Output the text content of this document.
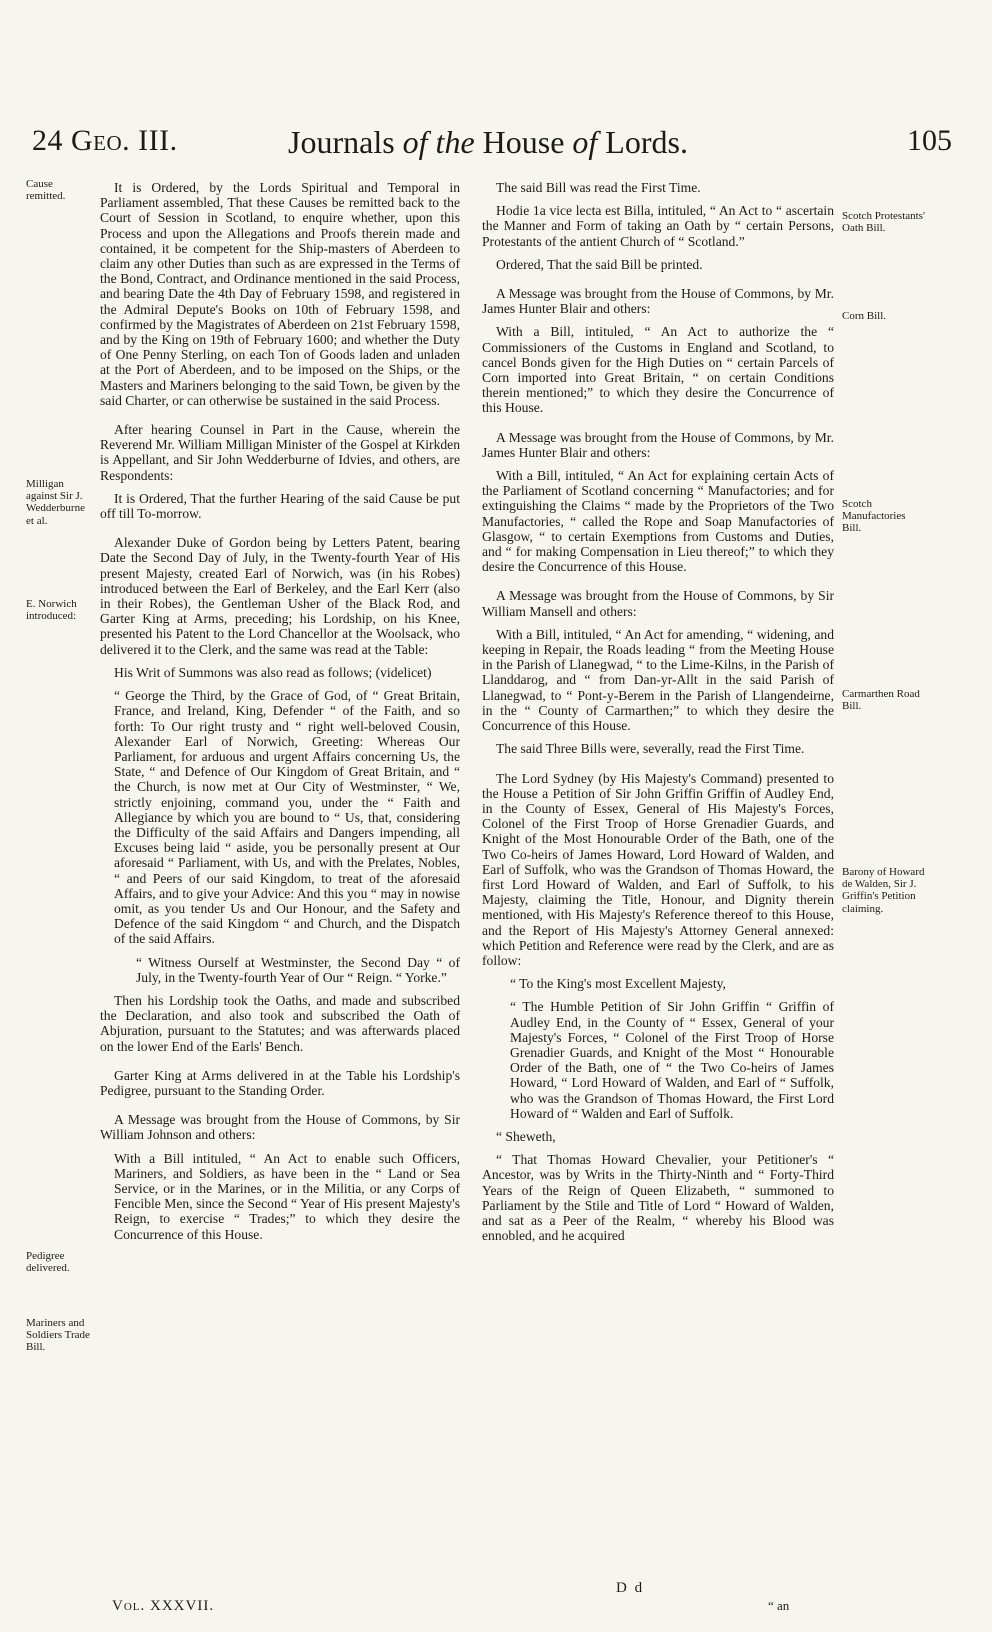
24 Geo. III.	Journals of the House of Lords.	105
Cause remitted.
Milligan against Sir J. Wedderburne et al.
E. Norwich introduced:
Pedigree delivered.
Mariners and Soldiers Trade Bill.
Scotch Protestants' Oath Bill.
Corn Bill.
Scotch Manufactories Bill.
Carmarthen Road Bill.
Barony of Howard de Walden, Sir J. Griffin's Petition claiming.

It is Ordered, by the Lords Spiritual and Temporal in Parliament assembled, That these Causes be remitted back to the Court of Session in Scotland, to enquire whether, upon this Process and upon the Allegations and Proofs therein made and contained, it be competent for the Ship-masters of Aberdeen to claim any other Duties than such as are expressed in the Terms of the Bond, Contract, and Ordinance mentioned in the said Process, and bearing Date the 4th Day of February 1598, and registered in the Admiral Depute's Books on 10th of February 1598, and confirmed by the Magistrates of Aberdeen on 21st February 1598, and by the King on 19th of February 1600; and whether the Duty of One Penny Sterling, on each Ton of Goods laden and unladen at the Port of Aberdeen, and to be imposed on the Ships, or the Masters and Mariners belonging to the said Town, be given by the said Charter, or can otherwise be sustained in the said Process.

After hearing Counsel in Part in the Cause, wherein the Reverend Mr. William Milligan Minister of the Gospel at Kirkden is Appellant, and Sir John Wedderburne of Idvies, and others, are Respondents:

It is Ordered, That the further Hearing of the said Cause be put off till To-morrow.

Alexander Duke of Gordon being by Letters Patent, bearing Date the Second Day of July, in the Twenty-fourth Year of His present Majesty, created Earl of Norwich, was (in his Robes) introduced between the Earl of Berkeley, and the Earl Kerr (also in their Robes), the Gentleman Usher of the Black Rod, and Garter King at Arms, preceding; his Lordship, on his Knee, presented his Patent to the Lord Chancellor at the Woolsack, who delivered it to the Clerk, and the same was read at the Table:

His Writ of Summons was also read as follows; (videlicet)

“ George the Third, by the Grace of God, of “ Great Britain, France, and Ireland, King, Defender “ of the Faith, and so forth: To Our right trusty and “ right well-beloved Cousin, Alexander Earl of Norwich, Greeting: Whereas Our Parliament, for arduous and urgent Affairs concerning Us, the State, “ and Defence of Our Kingdom of Great Britain, and “ the Church, is now met at Our City of Westminster, “ We, strictly enjoining, command you, under the “ Faith and Allegiance by which you are bound to “ Us, that, considering the Difficulty of the said Affairs and Dangers impending, all Excuses being laid “ aside, you be personally present at Our aforesaid “ Parliament, with Us, and with the Prelates, Nobles, “ and Peers of our said Kingdom, to treat of the aforesaid Affairs, and to give your Advice: And this you “ may in nowise omit, as you tender Us and Our Honour, and the Safety and Defence of the said Kingdom “ and Church, and the Dispatch of the said Affairs.

“ Witness Ourself at Westminster, the Second Day “ of July, in the Twenty-fourth Year of Our “ Reign. “ Yorke.”

Then his Lordship took the Oaths, and made and subscribed the Declaration, and also took and subscribed the Oath of Abjuration, pursuant to the Statutes; and was afterwards placed on the lower End of the Earls' Bench.

Garter King at Arms delivered in at the Table his Lordship's Pedigree, pursuant to the Standing Order.

A Message was brought from the House of Commons, by Sir William Johnson and others:

With a Bill intituled, “ An Act to enable such Officers, Mariners, and Soldiers, as have been in the “ Land or Sea Service, or in the Marines, or in the Militia, or any Corps of Fencible Men, since the Second “ Year of His present Majesty's Reign, to exercise “ Trades;” to which they desire the Concurrence of this House.

The said Bill was read the First Time.

Hodie 1a vice lecta est Billa, intituled, “ An Act to “ ascertain the Manner and Form of taking an Oath by “ certain Persons, Protestants of the antient Church of “ Scotland.”

Ordered, That the said Bill be printed.

A Message was brought from the House of Commons, by Mr. James Hunter Blair and others:

With a Bill, intituled, “ An Act to authorize the “ Commissioners of the Customs in England and Scotland, to cancel Bonds given for the High Duties on “ certain Parcels of Corn imported into Great Britain, “ on certain Conditions therein mentioned;” to which they desire the Concurrence of this House.

A Message was brought from the House of Commons, by Mr. James Hunter Blair and others:

With a Bill, intituled, “ An Act for explaining certain Acts of the Parliament of Scotland concerning “ Manufactories; and for extinguishing the Claims “ made by the Proprietors of the Two Manufactories, “ called the Rope and Soap Manufactories of Glasgow, “ to certain Exemptions from Customs and Duties, and “ for making Compensation in Lieu thereof;” to which they desire the Concurrence of this House.

A Message was brought from the House of Commons, by Sir William Mansell and others:

With a Bill, intituled, “ An Act for amending, “ widening, and keeping in Repair, the Roads leading “ from the Meeting House in the Parish of Llanegwad, “ to the Lime-Kilns, in the Parish of Llanddarog, and “ from Dan-yr-Allt in the said Parish of Llanegwad, to “ Pont-y-Berem in the Parish of Llangendeirne, in the “ County of Carmarthen;” to which they desire the Concurrence of this House.

The said Three Bills were, severally, read the First Time.

The Lord Sydney (by His Majesty's Command) presented to the House a Petition of Sir John Griffin Griffin of Audley End, in the County of Essex, General of His Majesty's Forces, Colonel of the First Troop of Horse Grenadier Guards, and Knight of the Most Honourable Order of the Bath, one of the Two Co-heirs of James Howard, Lord Howard of Walden, and Earl of Suffolk, who was the Grandson of Thomas Howard, the first Lord Howard of Walden, and Earl of Suffolk, to his Majesty, claiming the Title, Honour, and Dignity therein mentioned, with His Majesty's Reference thereof to this House, and the Report of His Majesty's Attorney General annexed: which Petition and Reference were read by the Clerk, and are as follow:

“ To the King's most Excellent Majesty,

“ The Humble Petition of Sir John Griffin “ Griffin of Audley End, in the County of “ Essex, General of your Majesty's Forces, “ Colonel of the First Troop of Horse Grenadier Guards, and Knight of the Most “ Honourable Order of the Bath, one of “ the Two Co-heirs of James Howard, “ Lord Howard of Walden, and Earl of “ Suffolk, who was the Grandson of Thomas Howard, the First Lord Howard of “ Walden and Earl of Suffolk.

“ Sheweth,

“ That Thomas Howard Chevalier, your Petitioner's “ Ancestor, was by Writs in the Thirty-Ninth and “ Forty-Third Years of the Reign of Queen Elizabeth, “ summoned to Parliament by the Stile and Title of Lord “ Howard of Walden, and sat as a Peer of the Realm, “ whereby his Blood was ennobled, and he acquired

Vol. XXXVII.
D d
“ an
